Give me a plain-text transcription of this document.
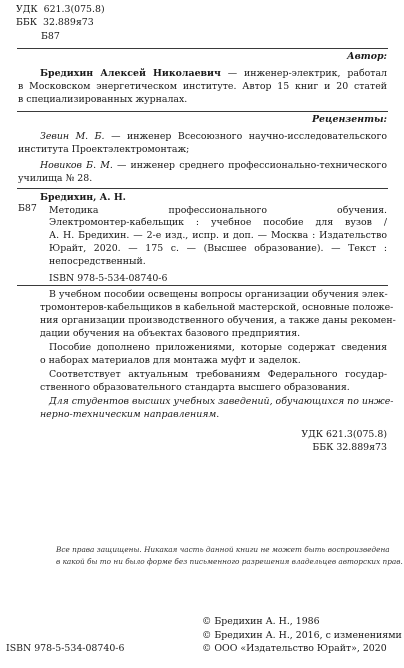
УДК 621.3(075.8)
ББК 32.889я73
Б87
Автор:
Бредихин Алексей Николаевич — инженер-электрик, работал
в Московском энергетическом институте. Автор 15 книг и 20 статей
в специализированных журналах.
Рецензенты:
Зевин М. Б. — инженер Всесоюзного научно-исследовательского
института Проектэлектромонтаж;
Новиков Б. М. — инженер среднего профессионально-технического
училища № 28.
Бредихин, А. Н.
Б87 Методика	профессионального	обучения.
Электромонтер-кабельщик : учебное пособие для вузов /
А. Н. Бредихин. — 2-е изд., испр. и доп. — Москва : Издательство
Юрайт, 2020. — 175 с. — (Высшее образование). — Текст :
непосредственный.
ISBN 978-5-534-08740-6
В учебном пособии освещены вопросы организации обучения элек-
тромонтеров-кабельщиков в кабельной мастерской, основные положе-
ния организации производственного обучения, а также даны рекомен-
дации обучения на объектах базового предприятия.
Пособие дополнено приложениями, которые содержат сведения
о наборах материалов для монтажа муфт и заделок.
Соответствует актуальным требованиям Федерального государ-
ственного образовательного стандарта высшего образования.
Для студентов высших учебных заведений, обучающихся по инже-
нерно-техническим направлениям.
УДК 621.3(075.8)
ББК 32.889я73
Все права защищены. Никакая часть данной книги не может быть воспроизведена
в какой бы то ни было форме без письменного разрешения владельцев авторских прав.
© Бредихин А. Н., 1986
© Бредихин А. Н., 2016, с изменениями
ISBN 978-5-534-08740-6	© ООО «Издательство Юрайт», 2020
